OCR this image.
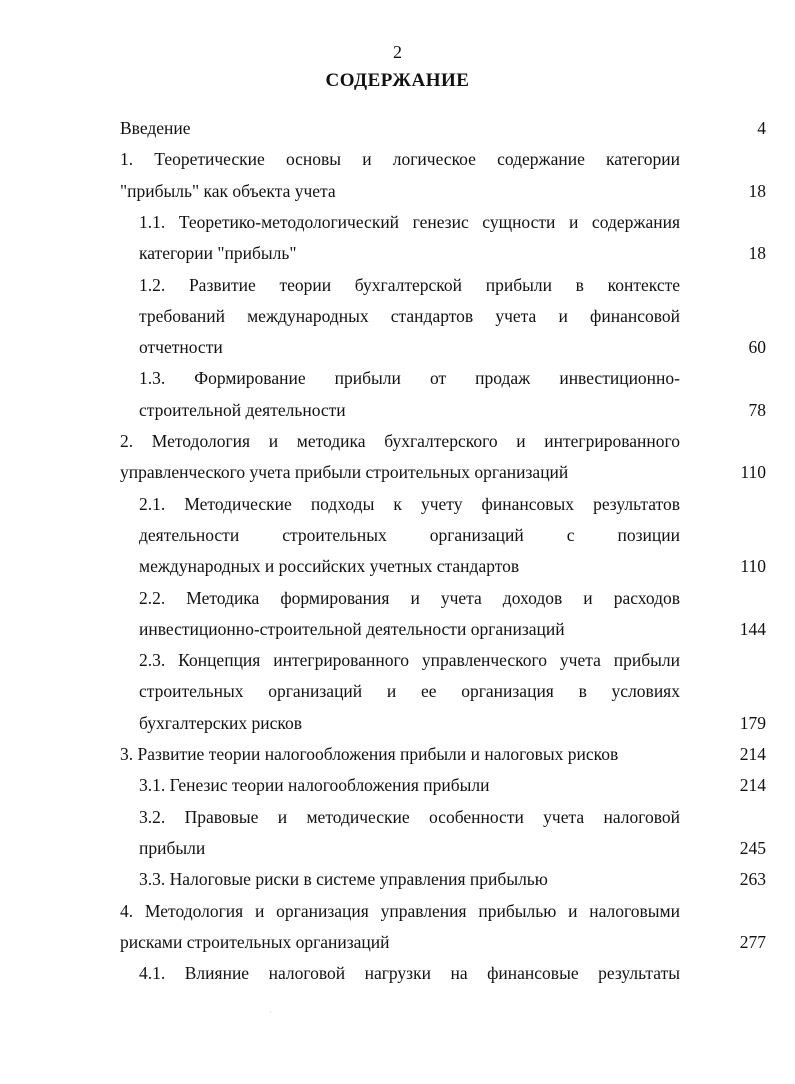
2
СОДЕРЖАНИЕ
Введение	4
1. Теоретические основы и логическое содержание категории
"прибыль" как объекта учета	18
1.1. Теоретико-методологический генезис сущности и содержания
категории "прибыль"	18
1.2. Развитие теории бухгалтерской прибыли в контексте
требований международных стандартов учета и финансовой
отчетности	60
1.3. Формирование прибыли от продаж инвестиционно-
строительной деятельности	78
2. Методология и методика бухгалтерского и интегрированного
управленческого учета прибыли строительных организаций	110
2.1. Методические подходы к учету финансовых результатов
деятельности строительных организаций с позиции
международных и российских учетных стандартов	110
2.2. Методика формирования и учета доходов и расходов
инвестиционно-строительной деятельности организаций	144
2.3. Концепция интегрированного управленческого учета прибыли
строительных организаций и ее организация в условиях
бухгалтерских рисков	179
3. Развитие теории налогообложения прибыли и налоговых рисков	214
3.1. Генезис теории налогообложения прибыли	214
3.2. Правовые и методические особенности учета налоговой
прибыли	245
3.3. Налоговые риски в системе управления прибылью	263
4. Методология и организация управления прибылью и налоговыми
рисками строительных организаций	277
4.1. Влияние налоговой нагрузки на финансовые результаты
ʹ
